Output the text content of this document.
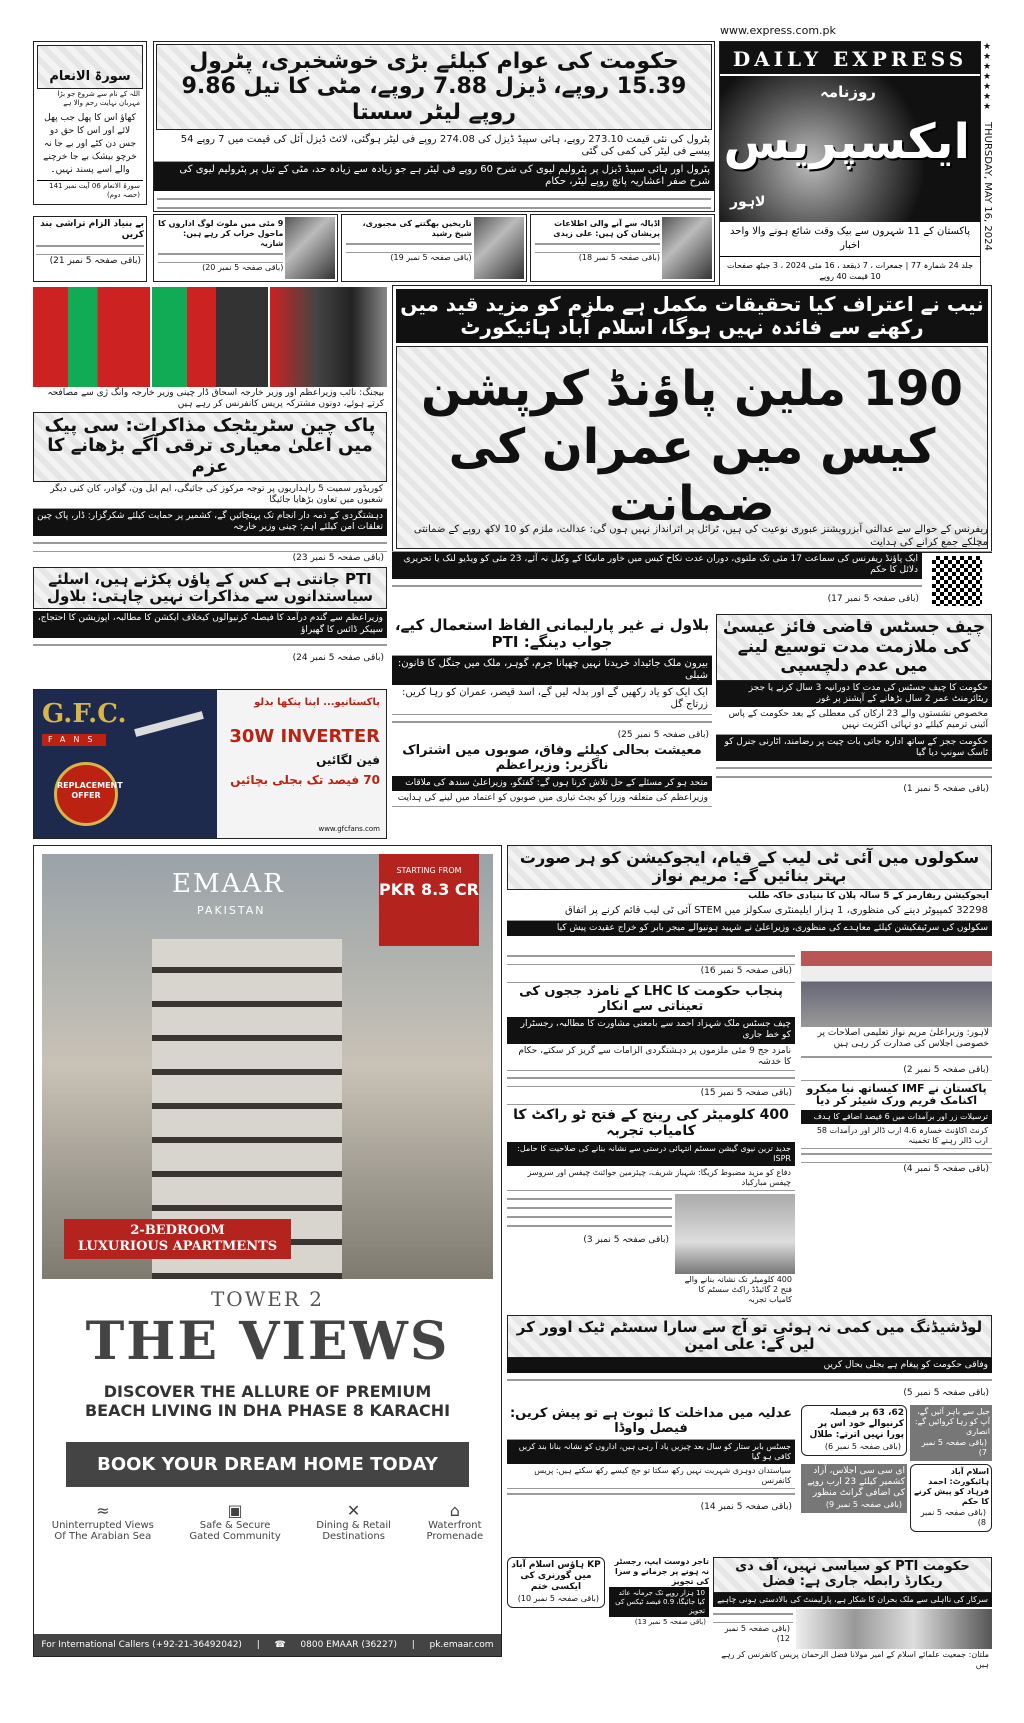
www.express.com.pk
DAILY EXPRESS
روزنامہ
ایکسپریس
لاہور
پاکستان کے 11 شہروں سے بیک وقت شائع ہونے والا واحد اخبار
جلد 24 شمارہ 77 | جمعرات ، 7 ذیقعد ، 16 مئی 2024 ، 3 جیٹھ صفحات 10 قیمت 40 روپے
★★★★★★★
THURSDAY, MAY 16, 2024
سورۃ الانعام
اللہ کے نام سے شروع جو بڑا مہربان نہایت رحم والا ہے
کھاؤ اس کا پھل جب پھل لائے اور اس کا حق دو جس دن کٹے اور بے جا نہ خرچو بیشک بے جا خرچنے والے اسے پسند نہیں۔
سورۃ الانعام 06 آیت نمبر 141 (حصہ دوم)
بے بنیاد الزام تراشی بند کریں
(باقی صفحہ 5 نمبر 21)
حکومت کی عوام کیلئے بڑی خوشخبری، پٹرول 15.39 روپے، ڈیزل 7.88 روپے، مٹی کا تیل 9.86 روپے لیٹر سستا
پٹرول کی نئی قیمت 273.10 روپے، ہائی سپیڈ ڈیزل کی 274.08 روپے فی لیٹر ہوگئی، لائٹ ڈیزل آئل کی قیمت میں 7 روپے 54 پیسے فی لیٹر کی کمی کی گئی
پٹرول اور ہائی سپیڈ ڈیزل پر پٹرولیم لیوی کی شرح 60 روپے فی لیٹر ہے جو زیادہ سے زیادہ حد، مٹی کے تیل پر پٹرولیم لیوی کی شرح صفر اعشاریہ پانچ روپے لیٹر، حکام
9 مئی میں ملوث لوگ اداروں کا ماحول خراب کر رہے ہیں: شازیہ
(باقی صفحہ 5 نمبر 20)
تاریخیں بھگتنے کی مجبوری، شیخ رشید
(باقی صفحہ 5 نمبر 19)
اڈیالہ سے آنے والی اطلاعات پریشان کن ہیں: علی زیدی
(باقی صفحہ 5 نمبر 18)
بیجنگ: نائب وزیراعظم اور وزیر خارجہ اسحاق ڈار چینی وزیر خارجہ وانگ ژی سے مصافحہ کرتے ہوئے، دونوں مشترکہ پریس کانفرنس کر رہے ہیں
پاک چین سٹریٹجک مذاکرات: سی پیک میں اعلیٰ معیاری ترقی آگے بڑھانے کا عزم
کوریڈور سمیت 5 راہداریوں پر توجہ مرکوز کی جائیگی، ایم ایل ون، گوادر، کان کنی دیگر شعبوں میں تعاون بڑھایا جائیگا
دہشتگردی کے ذمہ دار انجام تک پہنچائیں گے، کشمیر پر حمایت کیلئے شکرگزار: ڈار، پاک چین تعلقات امن کیلئے اہم: چینی وزیر خارجہ
(باقی صفحہ 5 نمبر 23)
PTI جانتی ہے کس کے پاؤں پکڑنے ہیں، اسلئے سیاستدانوں سے مذاکرات نہیں چاہتی: بلاول
وزیراعظم سے گندم درآمد کا فیصلہ کرنیوالوں کیخلاف ایکشن کا مطالبہ، اپوزیشن کا احتجاج، سپیکر ڈائس کا گھیراؤ
(باقی صفحہ 5 نمبر 24)
نیب نے اعتراف کیا تحقیقات مکمل ہے ملزم کو مزید قید میں رکھنے سے فائدہ نہیں ہوگا، اسلام آباد ہائیکورٹ
190 ملین پاؤنڈ کرپشن کیس میں عمران کی ضمانت
ریفرنس کے حوالے سے عدالتی آبزرویشنز عبوری نوعیت کی ہیں، ٹرائل پر اثرانداز نہیں ہوں گی: عدالت، ملزم کو 10 لاکھ روپے کے ضمانتی مچلکے جمع کرانے کی ہدایت
ایک پاؤنڈ ریفرنس کی سماعت 17 مئی تک ملتوی، دوران عدت نکاح کیس میں خاور مانیکا کے وکیل نہ آئے، 23 مئی کو ویڈیو لنک یا تحریری دلائل کا حکم
(باقی صفحہ 5 نمبر 17)
بلاول نے غیر پارلیمانی الفاظ استعمال کیے، جواب دینگے: PTI
بیرون ملک جائیداد خریدنا نہیں چھپانا جرم، گوہر، ملک میں جنگل کا قانون: شبلی
ایک ایک کو یاد رکھیں گے اور بدلہ لیں گے، اسد قیصر، عمران کو رہا کریں: زرتاج گل
(باقی صفحہ 5 نمبر 25)
معیشت بحالی کیلئے وفاق، صوبوں میں اشتراک ناگزیر: وزیراعظم
متحد ہو کر مسئلے کے حل تلاش کرنا ہوں گے: گفتگو، وزیراعلیٰ سندھ کی ملاقات
وزیراعظم کی متعلقہ وزرا کو بجٹ تیاری میں صوبوں کو اعتماد میں لینے کی ہدایت
چیف جسٹس قاضی فائز عیسیٰ کی ملازمت مدت توسیع لینے میں عدم دلچسپی
حکومت کا چیف جسٹس کی مدت کا دورانیہ 3 سال کرنے یا ججز ریٹائرمنٹ عمر 2 سال بڑھانے کے آپشنز پر غور
مخصوص نشستوں والے 23 ارکان کی معطلی کے بعد حکومت کے پاس آئینی ترمیم کیلئے دو تہائی اکثریت نہیں
حکومت ججز کے ساتھ ادارہ جاتی بات چیت پر رضامند، اٹارنی جنرل کو ٹاسک سونپ دیا گیا
(باقی صفحہ 5 نمبر 1)
G.F.C.
FANS
REPLACEMENT OFFER
پاکستانیو... اپنا پنکھا بدلو
30W INVERTER
فین لگائیں
70 فیصد تک بجلی بچائیں
www.gfcfans.com
EMAAR
PAKISTAN
STARTING FROM
PKR 8.3 CR
2-BEDROOM
LUXURIOUS APARTMENTS
TOWER 2
THE VIEWS
DISCOVER THE ALLURE OF PREMIUM
BEACH LIVING IN DHA PHASE 8 KARACHI
BOOK YOUR DREAM HOME TODAY
≈
Uninterrupted Views
Of The Arabian Sea
▣
Safe & Secure
Gated Community
✕
Dining & Retail
Destinations
⌂
Waterfront
Promenade
For International Callers (+92-21-36492042) | ☎ 0800 EMAAR (36227) | pk.emaar.com
سکولوں میں آئی ٹی لیب کے قیام، ایجوکیشن کو ہر صورت بہتر بنائیں گے: مریم نواز
ایجوکیشن ریفارمز کے 5 سالہ پلان کا بنیادی خاکہ طلب
32298 کمپیوٹر دینے کی منظوری، 1 ہزار ایلیمنٹری سکولز میں STEM آئی ٹی لیب قائم کرنے پر اتفاق
سکولوں کی سرٹیفکیشن کیلئے معاہدے کی منظوری، وزیراعلیٰ نے شہید ہونیوالے میجر بابر کو خراج عقیدت پیش کیا
(باقی صفحہ 5 نمبر 16)
پنجاب حکومت کا LHC کے نامزد ججوں کی تعیناتی سے انکار
چیف جسٹس ملک شہزاد احمد سے بامعنی مشاورت کا مطالبہ، رجسٹرار کو خط جاری
نامزد جج 9 مئی ملزموں پر دہشتگردی الزامات سے گریز کر سکتے، حکام کا خدشہ
(باقی صفحہ 5 نمبر 15)
400 کلومیٹر کی رینج کے فتح ٹو راکٹ کا کامیاب تجربہ
جدید ترین نیوی گیشن سسٹم انتہائی درستی سے نشانہ بنانے کی صلاحیت کا حامل: ISPR
دفاع کو مزید مضبوط کریگا: شہباز شریف، چیئرمین جوائنٹ چیفس اور سروسز چیفس مبارکباد
(باقی صفحہ 5 نمبر 3)
400 کلومیٹر تک نشانہ بنانے والے فتح 2 گائیڈڈ راکٹ سسٹم کا کامیاب تجربہ
لاہور: وزیراعلیٰ مریم نواز تعلیمی اصلاحات پر خصوصی اجلاس کی صدارت کر رہی ہیں
(باقی صفحہ 5 نمبر 2)
پاکستان نے IMF کیساتھ نیا میکرو اکنامک فریم ورک شیئر کر دیا
ترسیلات زر اور برآمدات میں 6 فیصد اضافے کا ہدف
کرنٹ اکاؤنٹ خسارہ 4.6 ارب ڈالر اور درآمدات 58 ارب ڈالر رہنے کا تخمینہ
(باقی صفحہ 5 نمبر 4)
لوڈشیڈنگ میں کمی نہ ہوئی تو آج سے سارا سسٹم ٹیک اوور کر لیں گے: علی امین
وفاقی حکومت کو پیغام ہے بجلی بحال کریں
(باقی صفحہ 5 نمبر 5)
عدلیہ میں مداخلت کا ثبوت ہے تو پیش کریں: فیصل واوڈا
جسٹس بابر ستار کو سال بعد چیزیں یاد آ رہی ہیں، اداروں کو نشانہ بنانا بند کریں کافی ہو گیا
سیاستدان دوہری شہریت نہیں رکھ سکتا تو جج کیسے رکھ سکتے ہیں: پریس کانفرنس
(باقی صفحہ 5 نمبر 14)
62، 63 پر فیصلہ کرنیوالے خود اس پر پورا نہیں اترتے: طلال
(باقی صفحہ 5 نمبر 6)
جیل سے باہر آئیں گے، آپ کو رہا کروائیں گے: انصاری
(باقی صفحہ 5 نمبر 7)
ای سی سی اجلاس، آزاد کشمیر کیلئے 23 ارب روپے کی اضافی گرانٹ منظور
(باقی صفحہ 5 نمبر 9)
اسلام آباد ہائیکورٹ: احمد فرہاد کو پیش کرنے کا حکم
(باقی صفحہ 5 نمبر 8)
KP ہاؤس اسلام آباد میں گورنری کی ایکسی ختم
(باقی صفحہ 5 نمبر 10)
تاجر دوست ایپ، رجسٹر نہ ہونے پر جرمانے و سزا کی تجویز
10 ہزار روپے تک جرمانہ عائد کیا جائیگا، 0.9 فیصد ٹیکس کی تجویز
(باقی صفحہ 5 نمبر 13)
حکومت PTI کو سیاسی نہیں، آف دی ریکارڈ رابطہ جاری ہے: فضل
سرکار کی نااہلی سے ملک بحران کا شکار ہے، پارلیمنٹ کی بالادستی ہونی چاہیے
(باقی صفحہ 5 نمبر 12)
ملتان: جمعیت علمائے اسلام کے امیر مولانا فضل الرحمان پریس کانفرنس کر رہے ہیں
